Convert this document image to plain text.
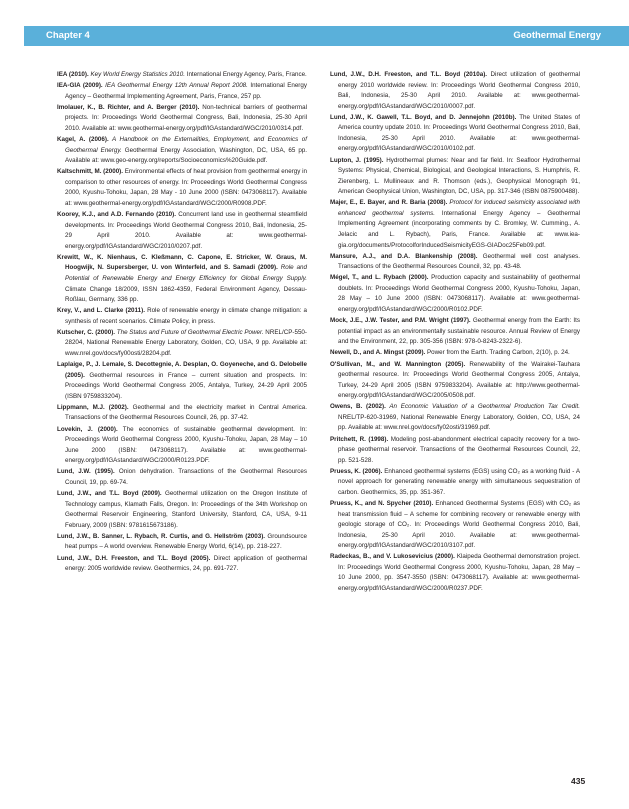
Chapter 4	Geothermal Energy

IEA (2010). Key World Energy Statistics 2010. International Energy Agency, Paris, France.

IEA-GIA (2009). IEA Geothermal Energy 12th Annual Report 2008. International Energy Agency – Geothermal Implementing Agreement, Paris, France, 257 pp.

Imolauer, K., B. Richter, and A. Berger (2010). Non-technical barriers of geothermal projects. In: Proceedings World Geothermal Congress, Bali, Indonesia, 25-30 April 2010. Available at: www.geothermal-energy.org/pdf/IGAstandard/WGC/2010/0314.pdf.

Kagel, A. (2006). A Handbook on the Externalities, Employment, and Economics of Geothermal Energy. Geothermal Energy Association, Washington, DC, USA, 65 pp. Available at: www.geo-energy.org/reports/Socioeconomics%20Guide.pdf.

Kaltschmitt, M. (2000). Environmental effects of heat provision from geothermal energy in comparison to other resources of energy. In: Proceedings World Geothermal Congress 2000, Kyushu-Tohoku, Japan, 28 May - 10 June 2000 (ISBN: 0473068117). Available at: www.geothermal-energy.org/pdf/IGAstandard/WGC/2000/R0908.PDF.

Koorey, K.J., and A.D. Fernando (2010). Concurrent land use in geothermal steamfield developments. In: Proceedings World Geothermal Congress 2010, Bali, Indonesia, 25-29 April 2010. Available at: www.geothermal-energy.org/pdf/IGAstandard/WGC/2010/0207.pdf.

Krewitt, W., K. Nienhaus, C. Kleßmann, C. Capone, E. Stricker, W. Graus, M. Hoogwijk, N. Supersberger, U. von Winterfeld, and S. Samadi (2009). Role and Potential of Renewable Energy and Energy Efficiency for Global Energy Supply. Climate Change 18/2009, ISSN 1862-4359, Federal Environment Agency, Dessau-Roßlau, Germany, 336 pp.

Krey, V., and L. Clarke (2011). Role of renewable energy in climate change mitigation: a synthesis of recent scenarios. Climate Policy, in press.

Kutscher, C. (2000). The Status and Future of Geothermal Electric Power. NREL/CP-550-28204, National Renewable Energy Laboratory, Golden, CO, USA, 9 pp. Available at: www.nrel.gov/docs/fy00osti/28204.pdf.

Laplaige, P., J. Lemale, S. Decottegnie, A. Desplan, O. Goyeneche, and G. Delobelle (2005). Geothermal resources in France – current situation and prospects. In: Proceedings World Geothermal Congress 2005, Antalya, Turkey, 24-29 April 2005 (ISBN 9759833204).

Lippmann, M.J. (2002). Geothermal and the electricity market in Central America. Transactions of the Geothermal Resources Council, 26, pp. 37-42.

Lovekin, J. (2000). The economics of sustainable geothermal development. In: Proceedings World Geothermal Congress 2000, Kyushu-Tohoku, Japan, 28 May – 10 June 2000 (ISBN: 0473068117). Available at: www.geothermal-energy.org/pdf/IGAstandard/WGC/2000/R0123.PDF.

Lund, J.W. (1995). Onion dehydration. Transactions of the Geothermal Resources Council, 19, pp. 69-74.

Lund, J.W., and T.L. Boyd (2009). Geothermal utilization on the Oregon Institute of Technology campus, Klamath Falls, Oregon. In: Proceedings of the 34th Workshop on Geothermal Reservoir Engineering, Stanford University, Stanford, CA, USA, 9-11 February, 2009 (ISBN: 9781615673186).

Lund, J.W., B. Sanner, L. Rybach, R. Curtis, and G. Hellström (2003). Groundsource heat pumps – A world overview. Renewable Energy World, 6(14), pp. 218-227.

Lund, J.W., D.H. Freeston, and T.L. Boyd (2005). Direct application of geothermal energy: 2005 worldwide review. Geothermics, 24, pp. 691-727.

Lund, J.W., D.H. Freeston, and T.L. Boyd (2010a). Direct utilization of geothermal energy 2010 worldwide review. In: Proceedings World Geothermal Congress 2010, Bali, Indonesia, 25-30 April 2010. Available at: www.geothermal-energy.org/pdf/IGAstandard/WGC/2010/0007.pdf.

Lund, J.W., K. Gawell, T.L. Boyd, and D. Jennejohn (2010b). The United States of America country update 2010. In: Proceedings World Geothermal Congress 2010, Bali, Indonesia, 25-30 April 2010. Available at: www.geothermal-energy.org/pdf/IGAstandard/WGC/2010/0102.pdf.

Lupton, J. (1995). Hydrothermal plumes: Near and far field. In: Seafloor Hydrothermal Systems: Physical, Chemical, Biological, and Geological Interactions, S. Humphris, R. Zierenberg, L. Mullineaux and R. Thomson (eds.), Geophysical Monograph 91, American Geophysical Union, Washington, DC, USA, pp. 317-346 (ISBN 0875900488).

Majer, E., E. Bayer, and R. Baria (2008). Protocol for induced seismicity associated with enhanced geothermal systems. International Energy Agency – Geothermal Implementing Agreement (incorporating comments by C. Bromley, W. Cumming., A. Jelacic and L. Rybach), Paris, France. Available at: www.iea-gia.org/documents/ProtocolforInducedSeismicityEGS-GIADoc25Feb09.pdf.

Mansure, A.J., and D.A. Blankenship (2008). Geothermal well cost analyses. Transactions of the Geothermal Resources Council, 32, pp. 43-48.

Mégel, T., and L. Rybach (2000). Production capacity and sustainability of geothermal doublets. In: Proceedings World Geothermal Congress 2000, Kyushu-Tohoku, Japan, 28 May – 10 June 2000 (ISBN: 0473068117). Available at: www.geothermal-energy.org/pdf/IGAstandard/WGC/2000/R0102.PDF.

Mock, J.E., J.W. Tester, and P.M. Wright (1997). Geothermal energy from the Earth: Its potential impact as an environmentally sustainable resource. Annual Review of Energy and the Environment, 22, pp. 305-356 (ISBN: 978-0-8243-2322-6).

Newell, D., and A. Mingst (2009). Power from the Earth. Trading Carbon, 2(10), p. 24.

O'Sullivan, M., and W. Mannington (2005). Renewability of the Wairakei-Tauhara geothermal resource. In: Proceedings World Geothermal Congress 2005, Antalya, Turkey, 24-29 April 2005 (ISBN 9759833204). Available at: http://www.geothermal-energy.org/pdf/IGAstandard/WGC/2005/0508.pdf.

Owens, B. (2002). An Economic Valuation of a Geothermal Production Tax Credit. NREL/TP-620-31969, National Renewable Energy Laboratory, Golden, CO, USA, 24 pp. Available at: www.nrel.gov/docs/fy02osti/31969.pdf.

Pritchett, R. (1998). Modeling post-abandonment electrical capacity recovery for a two-phase geothermal reservoir. Transactions of the Geothermal Resources Council, 22, pp. 521-528.

Pruess, K. (2006). Enhanced geothermal systems (EGS) using CO₂ as a working fluid - A novel approach for generating renewable energy with simultaneous sequestration of carbon. Geothermics, 35, pp. 351-367.

Pruess, K., and N. Spycher (2010). Enhanced Geothermal Systems (EGS) with CO₂ as heat transmission fluid – A scheme for combining recovery or renewable energy with geologic storage of CO₂. In: Proceedings World Geothermal Congress 2010, Bali, Indonesia, 25-30 April 2010. Available at: www.geothermal-energy.org/pdf/IGAstandard/WGC/2010/3107.pdf.

Radeckas, B., and V. Lukosevicius (2000). Klaipeda Geothermal demonstration project. In: Proceedings World Geothermal Congress 2000, Kyushu-Tohoku, Japan, 28 May – 10 June 2000, pp. 3547-3550 (ISBN: 0473068117). Available at: www.geothermal-energy.org/pdf/IGAstandard/WGC/2000/R0237.PDF.

435
